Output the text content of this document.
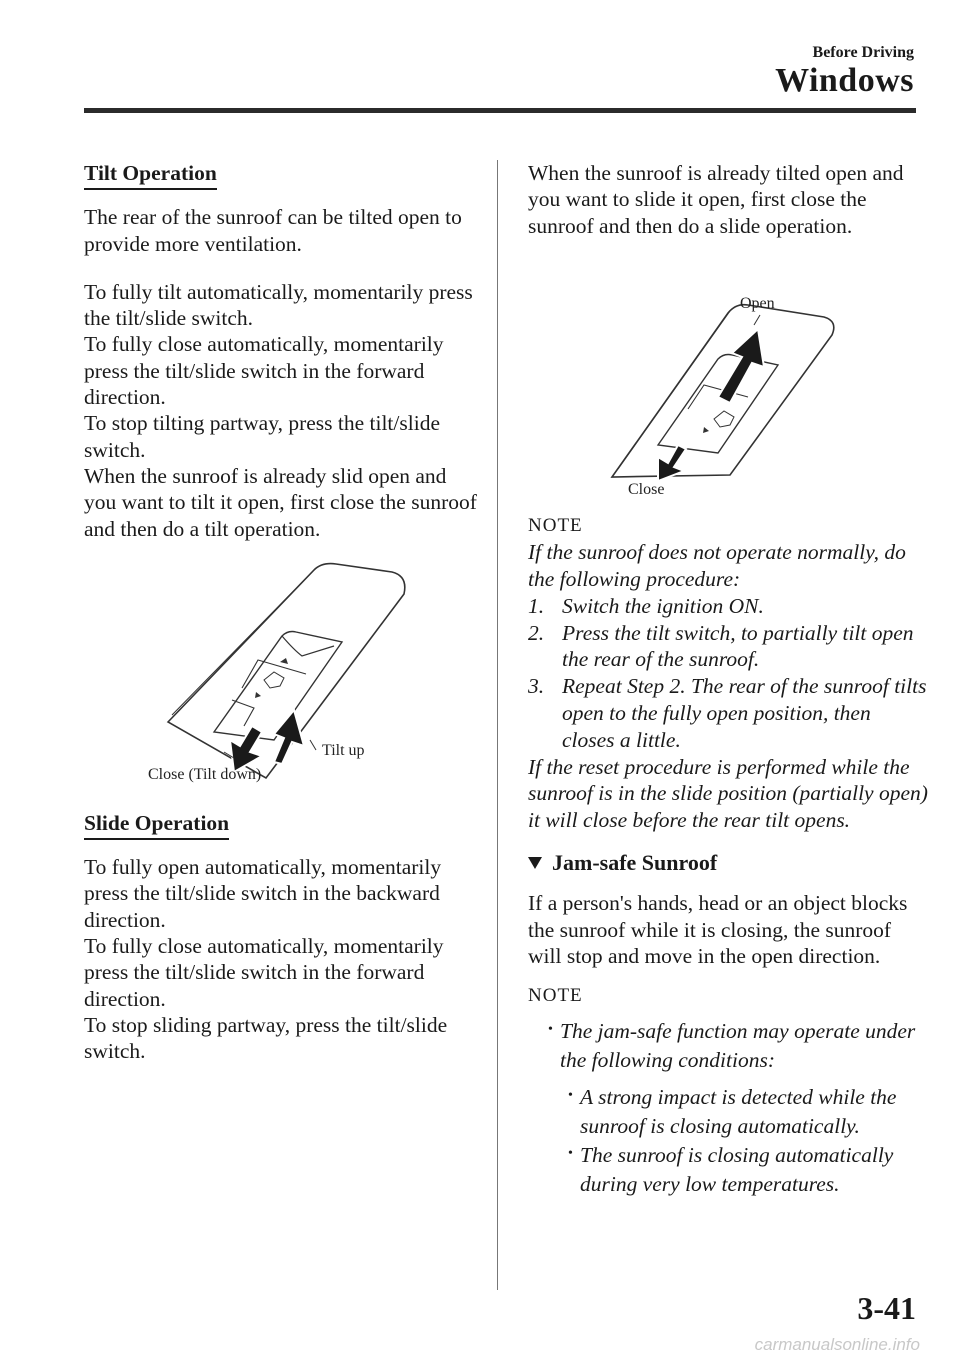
Before Driving
Windows

Tilt Operation

The rear of the sunroof can be tilted open to provide more ventilation.

To fully tilt automatically, momentarily press the tilt/slide switch.

To fully close automatically, momentarily press the tilt/slide switch in the forward direction.

To stop tilting partway, press the tilt/slide switch.

When the sunroof is already slid open and you want to tilt it open, first close the sunroof and then do a tilt operation.

Close (Tilt down)
Tilt up

Slide Operation

To fully open automatically, momentarily press the tilt/slide switch in the backward direction.

To fully close automatically, momentarily press the tilt/slide switch in the forward direction.

To stop sliding partway, press the tilt/slide switch.

When the sunroof is already tilted open and you want to slide it open, first close the sunroof and then do a slide operation.

Open
Close

NOTE

If the sunroof does not operate normally, do the following procedure:

1. Switch the ignition ON.
2. Press the tilt switch, to partially tilt open the rear of the sunroof.
3. Repeat Step 2. The rear of the sunroof tilts open to the fully open position, then closes a little.

If the reset procedure is performed while the sunroof is in the slide position (partially open) it will close before the rear tilt opens.

Jam-safe Sunroof

If a person's hands, head or an object blocks the sunroof while it is closing, the sunroof will stop and move in the open direction.

NOTE

• The jam-safe function may operate under the following conditions:
• A strong impact is detected while the sunroof is closing automatically.
• The sunroof is closing automatically during very low temperatures.
3-41
carmanualsonline.info
